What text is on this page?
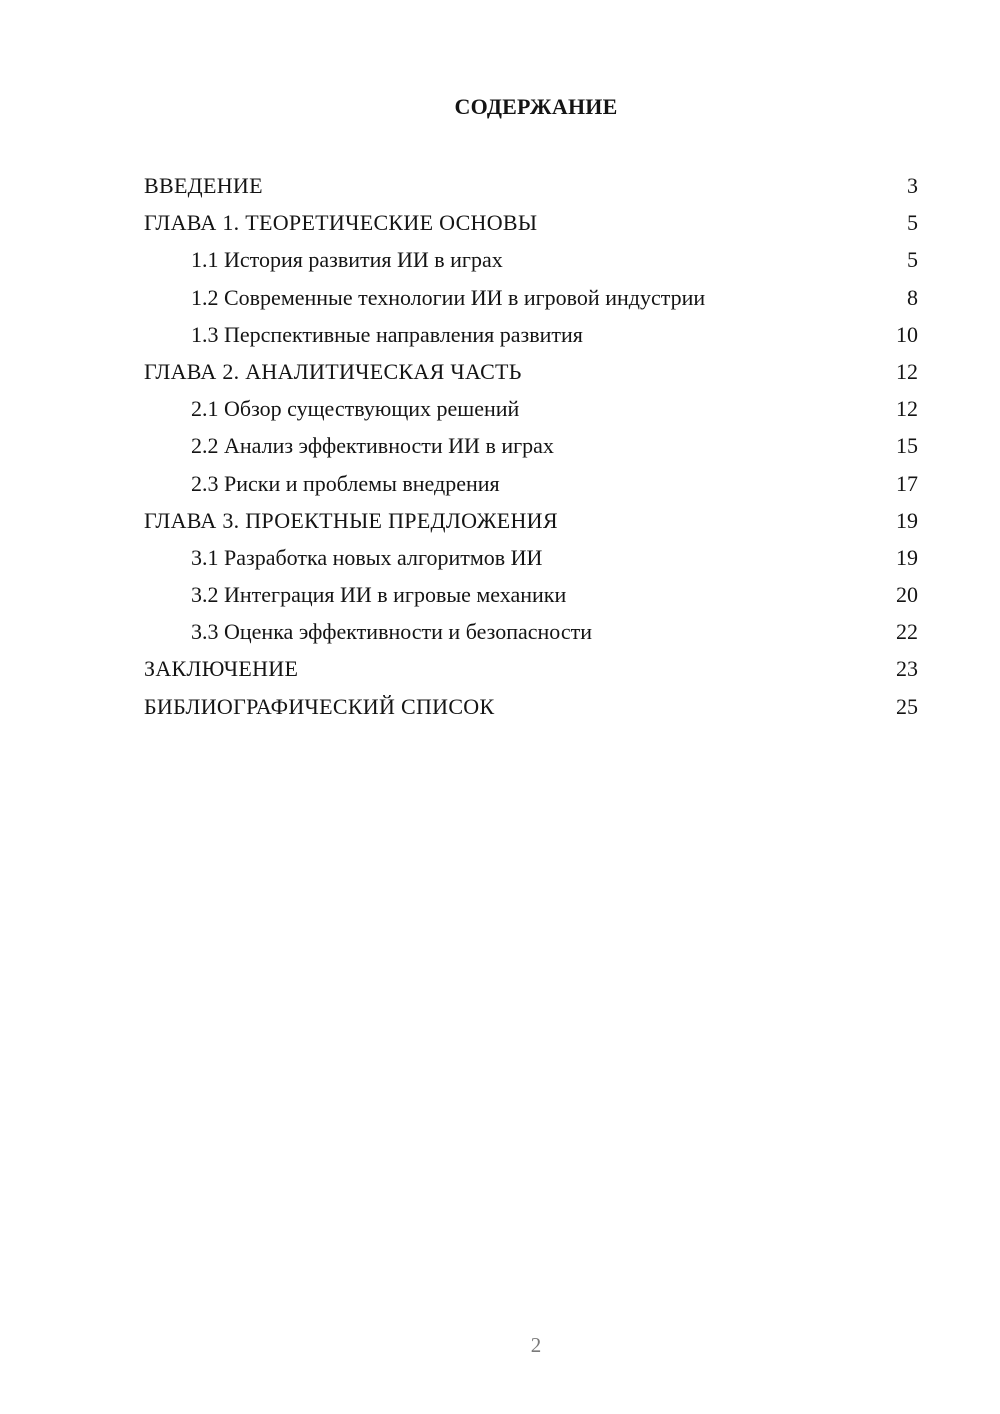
СОДЕРЖАНИЕ
ВВЕДЕНИЕ	3
ГЛАВА 1. ТЕОРЕТИЧЕСКИЕ ОСНОВЫ	5
1.1 История развития ИИ в играх	5
1.2 Современные технологии ИИ в игровой индустрии	8
1.3 Перспективные направления развития	10
ГЛАВА 2. АНАЛИТИЧЕСКАЯ ЧАСТЬ	12
2.1 Обзор существующих решений	12
2.2 Анализ эффективности ИИ в играх	15
2.3 Риски и проблемы внедрения	17
ГЛАВА 3. ПРОЕКТНЫЕ ПРЕДЛОЖЕНИЯ	19
3.1 Разработка новых алгоритмов ИИ	19
3.2 Интеграция ИИ в игровые механики	20
3.3 Оценка эффективности и безопасности	22
ЗАКЛЮЧЕНИЕ	23
БИБЛИОГРАФИЧЕСКИЙ СПИСОК	25
2
